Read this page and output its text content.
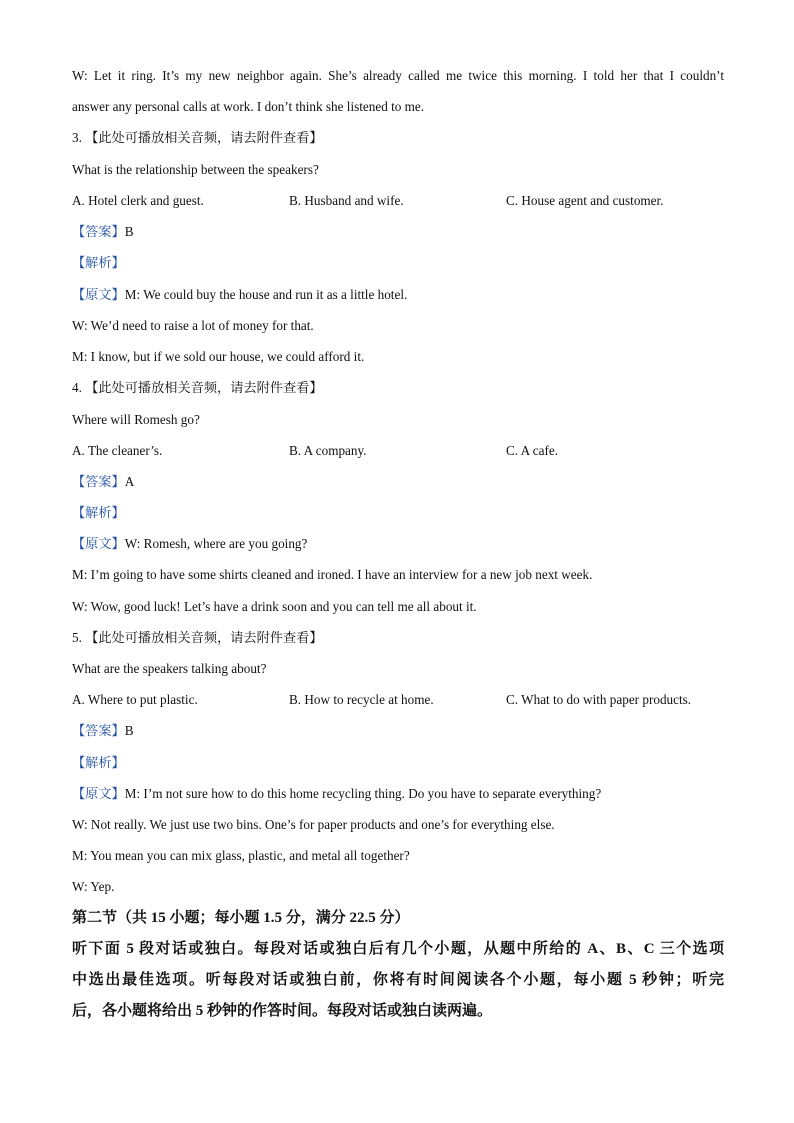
W: Let it ring. It’s my new neighbor again. She’s already called me twice this morning. I told her that I couldn’t
answer any personal calls at work. I don’t think she listened to me.
3. 【此处可播放相关音频，请去附件查看】
What is the relationship between the speakers?
A. Hotel clerk and guest.	B. Husband and wife.	C. House agent and customer.
【答案】B
【解析】
【原文】M: We could buy the house and run it as a little hotel.
W: We’d need to raise a lot of money for that.
M: I know, but if we sold our house, we could afford it.
4. 【此处可播放相关音频，请去附件查看】
Where will Romesh go?
A. The cleaner’s.	B. A company.	C. A cafe.
【答案】A
【解析】
【原文】W: Romesh, where are you going?
M: I’m going to have some shirts cleaned and ironed. I have an interview for a new job next week.
W: Wow, good luck! Let’s have a drink soon and you can tell me all about it.
5. 【此处可播放相关音频，请去附件查看】
What are the speakers talking about?
A. Where to put plastic.	B. How to recycle at home.	C. What to do with paper products.
【答案】B
【解析】
【原文】M: I’m not sure how to do this home recycling thing. Do you have to separate everything?
W: Not really. We just use two bins. One’s for paper products and one’s for everything else.
M: You mean you can mix glass, plastic, and metal all together?
W: Yep.
第二节（共 15 小题；每小题 1.5 分，满分 22.5 分）
听下面 5 段对话或独白。每段对话或独白后有几个小题，从题中所给的 A、B、C 三个选项
中选出最佳选项。听每段对话或独白前，你将有时间阅读各个小题，每小题 5 秒钟；听完
后，各小题将给出 5 秒钟的作答时间。每段对话或独白读两遍。
